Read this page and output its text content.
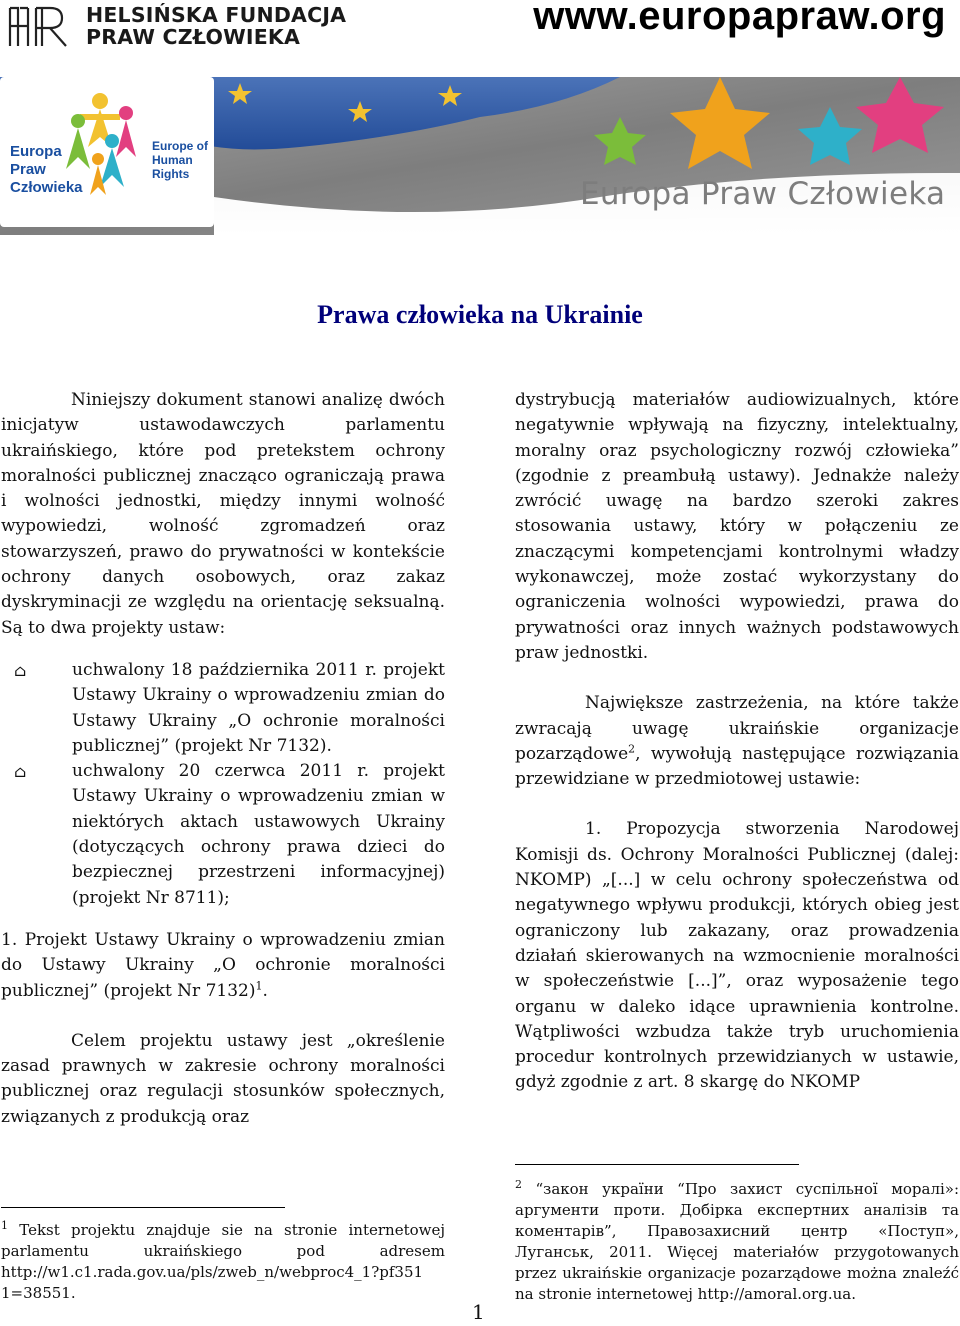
HELSIŃSKA FUNDACJA
PRAW CZŁOWIEKA	www.europapraw.org
Europa
Praw
Człowieka
Europe of
Human
Rights
Europa Praw Człowieka
Prawa człowieka na Ukrainie

Niniejszy dokument stanowi analizę dwóch inicjatyw ustawodawczych parlamentu ukraińskiego, które pod pretekstem ochrony moralności publicznej znacząco ograniczają prawa i wolności jednostki, między innymi wolność wypowiedzi, wolność zgromadzeń oraz stowarzyszeń, prawo do prywatności w kontekście ochrony danych osobowych, oraz zakaz dyskryminacji ze względu na orientację seksualną. Są to dwa projekty ustaw:

⌂ uchwalony 18 października 2011 r. projekt Ustawy Ukrainy o wprowadzeniu zmian do Ustawy Ukrainy „O ochronie moralności publicznej” (projekt Nr 7132).
⌂ uchwalony 20 czerwca 2011 r. projekt Ustawy Ukrainy o wprowadzeniu zmian w niektórych aktach ustawowych Ukrainy (dotyczących ochrony prawa dzieci do bezpiecznej przestrzeni informacyjnej) (projekt Nr 8711);

1. Projekt Ustawy Ukrainy o wprowadzeniu zmian do Ustawy Ukrainy „O ochronie moralności publicznej” (projekt Nr 7132)$^1$.

Celem projektu ustawy jest „określenie zasad prawnych w zakresie ochrony moralności publicznej oraz regulacji stosunków społecznych, związanych z produkcją oraz

dystrybucją materiałów audiowizualnych, które negatywnie wpływają na fizyczny, intelektualny, moralny oraz psychologiczny rozwój człowieka” (zgodnie z preambułą ustawy). Jednakże należy zwrócić uwagę na bardzo szeroki zakres stosowania ustawy, który w połączeniu ze znaczącymi kompetencjami kontrolnymi władzy wykonawczej, może zostać wykorzystany do ograniczenia wolności wypowiedzi, prawa do prywatności oraz innych ważnych podstawowych praw jednostki.

Największe zastrzeżenia, na które także zwracają uwagę ukraińskie organizacje pozarządowe$^2$, wywołują następujące rozwiązania przewidziane w przedmiotowej ustawie:

1. Propozycja stworzenia Narodowej Komisji ds. Ochrony Moralności Publicznej (dalej: NKOMP) „[...] w celu ochrony społeczeństwa od negatywnego wpływu produkcji, których obieg jest ograniczony lub zakazany, oraz prowadzenia działań skierowanych na wzmocnienie moralności w społeczeństwie [...]”, oraz wyposażenie tego organu w daleko idące uprawnienia kontrolne. Wątpliwości wzbudza także tryb uruchomienia procedur kontrolnych przewidzianych w ustawie, gdyż zgodnie z art. 8 skargę do NKOMP

$^1$ Tekst projektu znajduje sie na stronie internetowej parlamentu ukraińskiego pod adresem http://w1.c1.rada.gov.ua/pls/zweb_n/webproc4_1?pf351 1=38551.

$^2$ “закон україни “Про захист суспільної моралі»: аргументи проти. Добірка експертних аналізів та коментарів”, Правозахисний центр «Поступ», Луганськ, 2011. Więcej materiałów przygotowanych przez ukraińskie organizacje pozarządowe można znaleźć na stronie internetowej http://amoral.org.ua.

1
